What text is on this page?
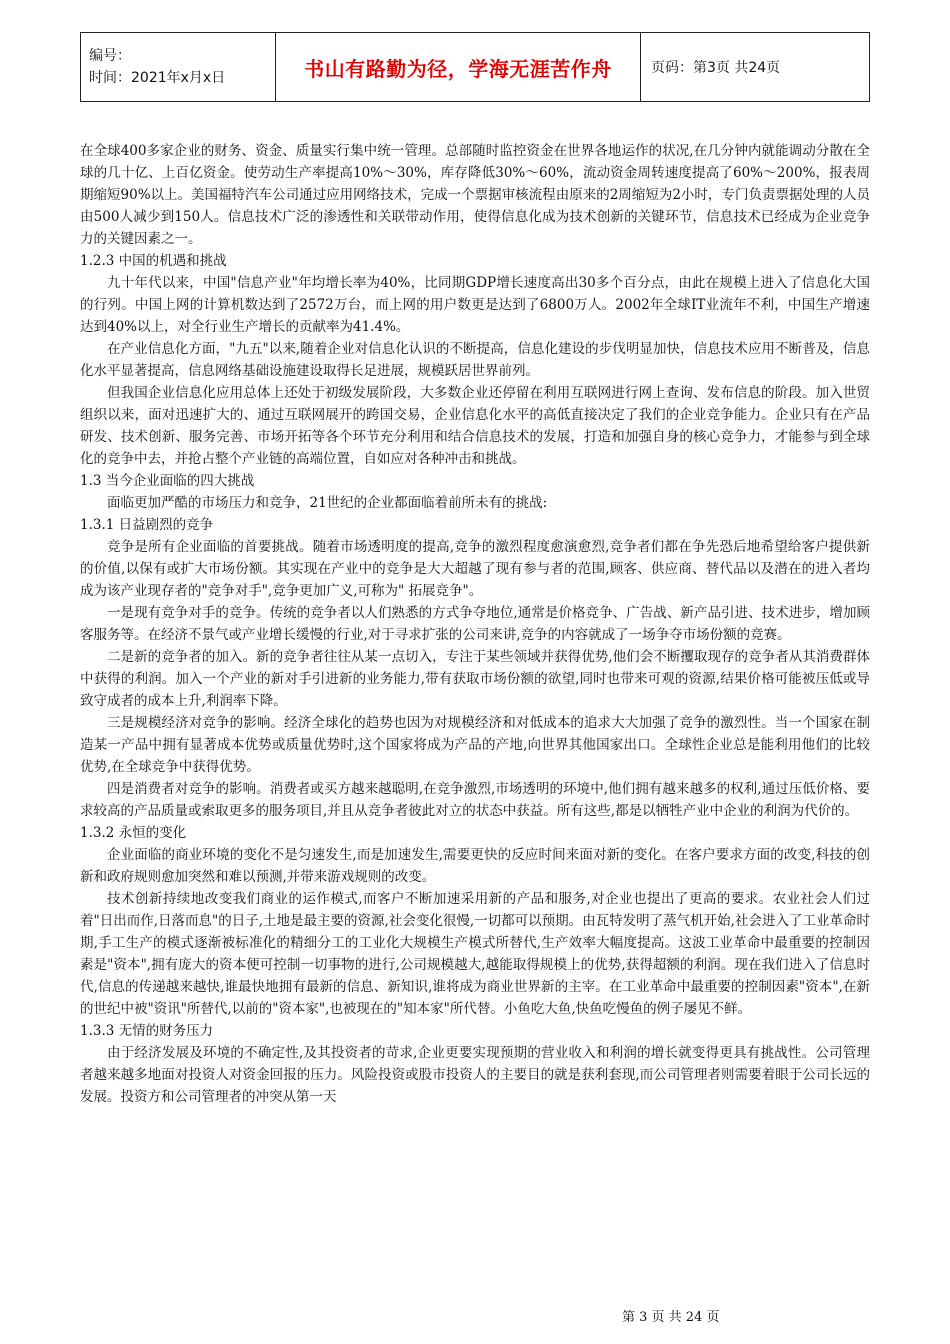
编号：
时间：2021年x月x日	书山有路勤为径，学海无涯苦作舟	页码：第3页 共24页

在全球400多家企业的财务、资金、质量实行集中统一管理。总部随时监控资金在世界各地运作的状况,在几分钟内就能调动分散在全球的几十亿、上百亿资金。使劳动生产率提高10%～30%，库存降低30%～60%，流动资金周转速度提高了60%～200%，报表周期缩短90%以上。美国福特汽车公司通过应用网络技术，完成一个票据审核流程由原来的2周缩短为2小时，专门负责票据处理的人员由500人减少到150人。信息技术广泛的渗透性和关联带动作用，使得信息化成为技术创新的关键环节，信息技术已经成为企业竞争力的关键因素之一。

1.2.3 中国的机遇和挑战

九十年代以来，中国"信息产业"年均增长率为40%，比同期GDP增长速度高出30多个百分点，由此在规模上进入了信息化大国的行列。中国上网的计算机数达到了2572万台，而上网的用户数更是达到了6800万人。2002年全球IT业流年不利，中国生产增速达到40%以上，对全行业生产增长的贡献率为41.4%。

在产业信息化方面，"九五"以来,随着企业对信息化认识的不断提高，信息化建设的步伐明显加快，信息技术应用不断普及，信息化水平显著提高，信息网络基础设施建设取得长足进展，规模跃居世界前列。

但我国企业信息化应用总体上还处于初级发展阶段，大多数企业还停留在利用互联网进行网上查询、发布信息的阶段。加入世贸组织以来，面对迅速扩大的、通过互联网展开的跨国交易，企业信息化水平的高低直接决定了我们的企业竞争能力。企业只有在产品研发、技术创新、服务完善、市场开拓等各个环节充分利用和结合信息技术的发展，打造和加强自身的核心竞争力，才能参与到全球化的竞争中去，并抢占整个产业链的高端位置，自如应对各种冲击和挑战。

1.3 当今企业面临的四大挑战

面临更加严酷的市场压力和竞争，21世纪的企业都面临着前所未有的挑战:

1.3.1 日益剧烈的竞争

竞争是所有企业面临的首要挑战。随着市场透明度的提高,竞争的激烈程度愈演愈烈,竞争者们都在争先恐后地希望给客户提供新的价值,以保有或扩大市场份额。其实现在产业中的竞争是大大超越了现有参与者的范围,顾客、供应商、替代品以及潜在的进入者均成为该产业现存者的"竞争对手",竞争更加广义,可称为" 拓展竞争"。

一是现有竞争对手的竞争。传统的竞争者以人们熟悉的方式争夺地位,通常是价格竞争、广告战、新产品引进、技术进步，增加顾客服务等。在经济不景气或产业增长缓慢的行业,对于寻求扩张的公司来讲,竞争的内容就成了一场争夺市场份额的竞赛。

二是新的竞争者的加入。新的竞争者往往从某一点切入，专注于某些领域并获得优势,他们会不断攫取现存的竞争者从其消费群体中获得的利润。加入一个产业的新对手引进新的业务能力,带有获取市场份额的欲望,同时也带来可观的资源,结果价格可能被压低或导致守成者的成本上升,利润率下降。

三是规模经济对竞争的影响。经济全球化的趋势也因为对规模经济和对低成本的追求大大加强了竞争的激烈性。当一个国家在制造某一产品中拥有显著成本优势或质量优势时,这个国家将成为产品的产地,向世界其他国家出口。全球性企业总是能利用他们的比较优势,在全球竞争中获得优势。

四是消费者对竞争的影响。消费者或买方越来越聪明,在竞争激烈,市场透明的环境中,他们拥有越来越多的权利,通过压低价格、要求较高的产品质量或索取更多的服务项目,并且从竞争者彼此对立的状态中获益。所有这些,都是以牺牲产业中企业的利润为代价的。

1.3.2 永恒的变化

企业面临的商业环境的变化不是匀速发生,而是加速发生,需要更快的反应时间来面对新的变化。在客户要求方面的改变,科技的创新和政府规则愈加突然和难以预测,并带来游戏规则的改变。

技术创新持续地改变我们商业的运作模式,而客户不断加速采用新的产品和服务,对企业也提出了更高的要求。农业社会人们过着"日出而作,日落而息"的日子,土地是最主要的资源,社会变化很慢,一切都可以预期。由瓦特发明了蒸气机开始,社会进入了工业革命时期,手工生产的模式逐渐被标准化的精细分工的工业化大规模生产模式所替代,生产效率大幅度提高。这波工业革命中最重要的控制因素是"资本",拥有庞大的资本便可控制一切事物的进行,公司规模越大,越能取得规模上的优势,获得超额的利润。现在我们进入了信息时代,信息的传递越来越快,谁最快地拥有最新的信息、新知识,谁将成为商业世界新的主宰。在工业革命中最重要的控制因素"资本",在新的世纪中被"资讯"所替代,以前的"资本家",也被现在的"知本家"所代替。小鱼吃大鱼,快鱼吃慢鱼的例子屡见不鲜。

1.3.3 无情的财务压力

由于经济发展及环境的不确定性,及其投资者的苛求,企业更要实现预期的营业收入和利润的增长就变得更具有挑战性。公司管理者越来越多地面对投资人对资金回报的压力。风险投资或股市投资人的主要目的就是获利套现,而公司管理者则需要着眼于公司长远的发展。投资方和公司管理者的冲突从第一天

第 3 页 共 24 页
